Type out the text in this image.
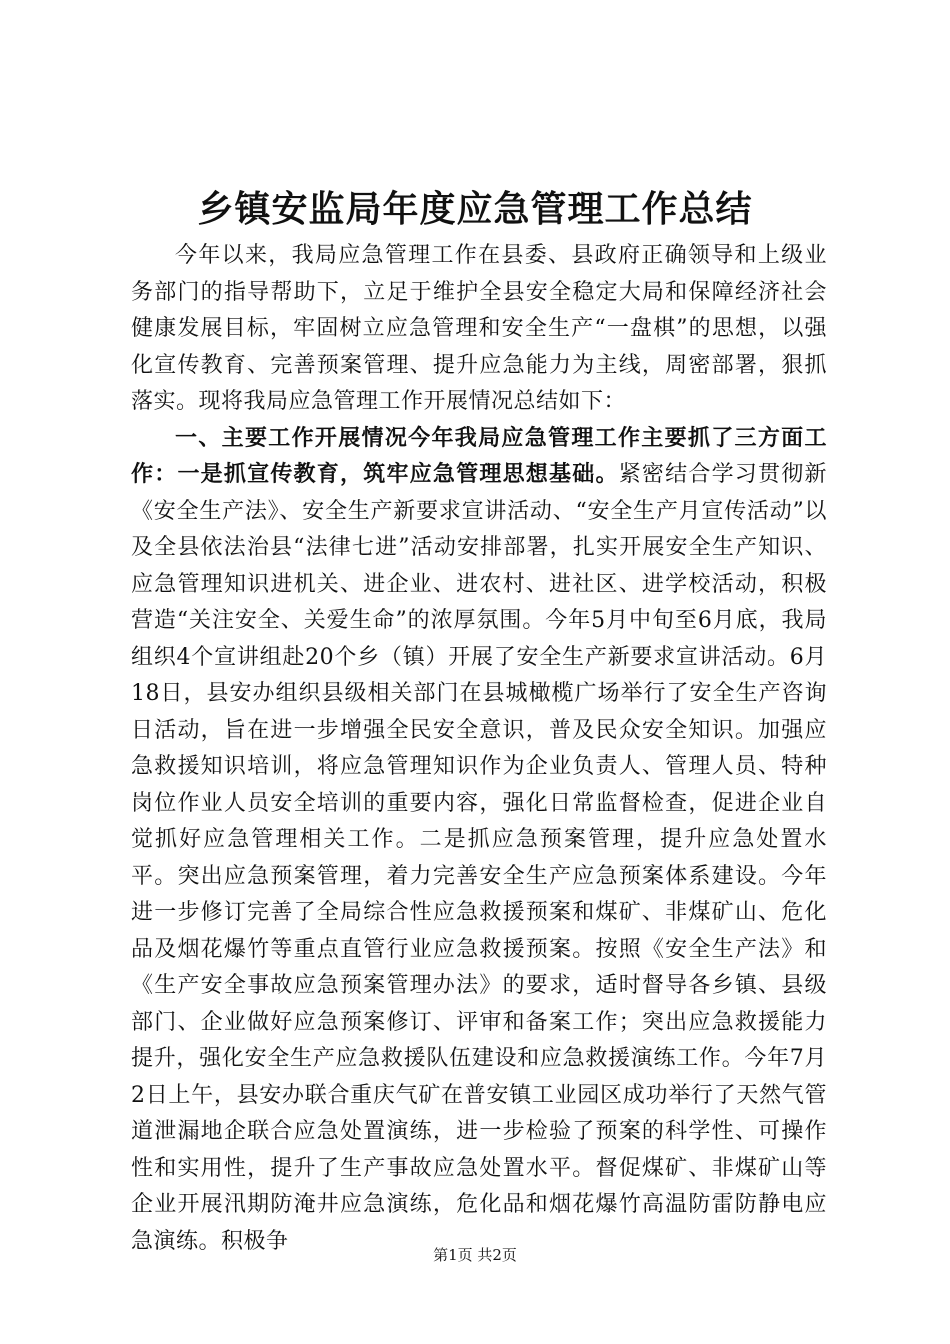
乡镇安监局年度应急管理工作总结

今年以来，我局应急管理工作在县委、县政府正确领导和上级业务部门的指导帮助下，立足于维护全县安全稳定大局和保障经济社会健康发展目标，牢固树立应急管理和安全生产“一盘棋”的思想，以强化宣传教育、完善预案管理、提升应急能力为主线，周密部署，狠抓落实。现将我局应急管理工作开展情况总结如下：

一、主要工作开展情况今年我局应急管理工作主要抓了三方面工作：一是抓宣传教育，筑牢应急管理思想基础。紧密结合学习贯彻新《安全生产法》、安全生产新要求宣讲活动、“安全生产月宣传活动”以及全县依法治县“法律七进”活动安排部署，扎实开展安全生产知识、应急管理知识进机关、进企业、进农村、进社区、进学校活动，积极营造“关注安全、关爱生命”的浓厚氛围。今年5月中旬至6月底，我局组织4个宣讲组赴20个乡（镇）开展了安全生产新要求宣讲活动。6月18日，县安办组织县级相关部门在县城橄榄广场举行了安全生产咨询日活动，旨在进一步增强全民安全意识，普及民众安全知识。加强应急救援知识培训，将应急管理知识作为企业负责人、管理人员、特种岗位作业人员安全培训的重要内容，强化日常监督检查，促进企业自觉抓好应急管理相关工作。二是抓应急预案管理，提升应急处置水平。突出应急预案管理，着力完善安全生产应急预案体系建设。今年进一步修订完善了全局综合性应急救援预案和煤矿、非煤矿山、危化品及烟花爆竹等重点直管行业应急救援预案。按照《安全生产法》和《生产安全事故应急预案管理办法》的要求，适时督导各乡镇、县级部门、企业做好应急预案修订、评审和备案工作；突出应急救援能力提升，强化安全生产应急救援队伍建设和应急救援演练工作。今年7月2日上午，县安办联合重庆气矿在普安镇工业园区成功举行了天然气管道泄漏地企联合应急处置演练，进一步检验了预案的科学性、可操作性和实用性，提升了生产事故应急处置水平。督促煤矿、非煤矿山等企业开展汛期防淹井应急演练，危化品和烟花爆竹高温防雷防静电应急演练。积极争

第1页 共2页
